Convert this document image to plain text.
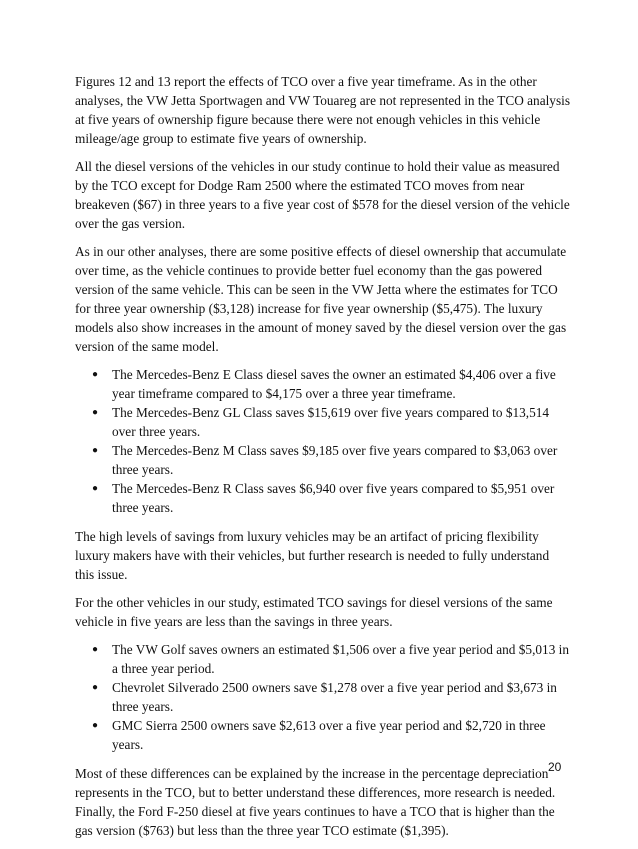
Figures 12 and 13 report the effects of TCO over a five year timeframe. As in the other analyses, the VW Jetta Sportwagen and VW Touareg are not represented in the TCO analysis at five years of ownership figure because there were not enough vehicles in this vehicle mileage/age group to estimate five years of ownership.

All the diesel versions of the vehicles in our study continue to hold their value as measured by the TCO except for Dodge Ram 2500 where the estimated TCO moves from near breakeven ($67) in three years to a five year cost of $578 for the diesel version of the vehicle over the gas version.

As in our other analyses, there are some positive effects of diesel ownership that accumulate over time, as the vehicle continues to provide better fuel economy than the gas powered version of the same vehicle. This can be seen in the VW Jetta where the estimates for TCO for three year ownership ($3,128) increase for five year ownership ($5,475). The luxury models also show increases in the amount of money saved by the diesel version over the gas version of the same model.

● The Mercedes-Benz E Class diesel saves the owner an estimated $4,406 over a five year timeframe compared to $4,175 over a three year timeframe.
● The Mercedes-Benz GL Class saves $15,619 over five years compared to $13,514 over three years.
● The Mercedes-Benz M Class saves $9,185 over five years compared to $3,063 over three years.
● The Mercedes-Benz R Class saves $6,940 over five years compared to $5,951 over three years.

The high levels of savings from luxury vehicles may be an artifact of pricing flexibility luxury makers have with their vehicles, but further research is needed to fully understand this issue.

For the other vehicles in our study, estimated TCO savings for diesel versions of the same vehicle in five years are less than the savings in three years.

● The VW Golf saves owners an estimated $1,506 over a five year period and $5,013 in a three year period.
● Chevrolet Silverado 2500 owners save $1,278 over a five year period and $3,673 in three years.
● GMC Sierra 2500 owners save $2,613 over a five year period and $2,720 in three years.

Most of these differences can be explained by the increase in the percentage depreciation represents in the TCO, but to better understand these differences, more research is needed. Finally, the Ford F-250 diesel at five years continues to have a TCO that is higher than the gas version ($763) but less than the three year TCO estimate ($1,395).

20
